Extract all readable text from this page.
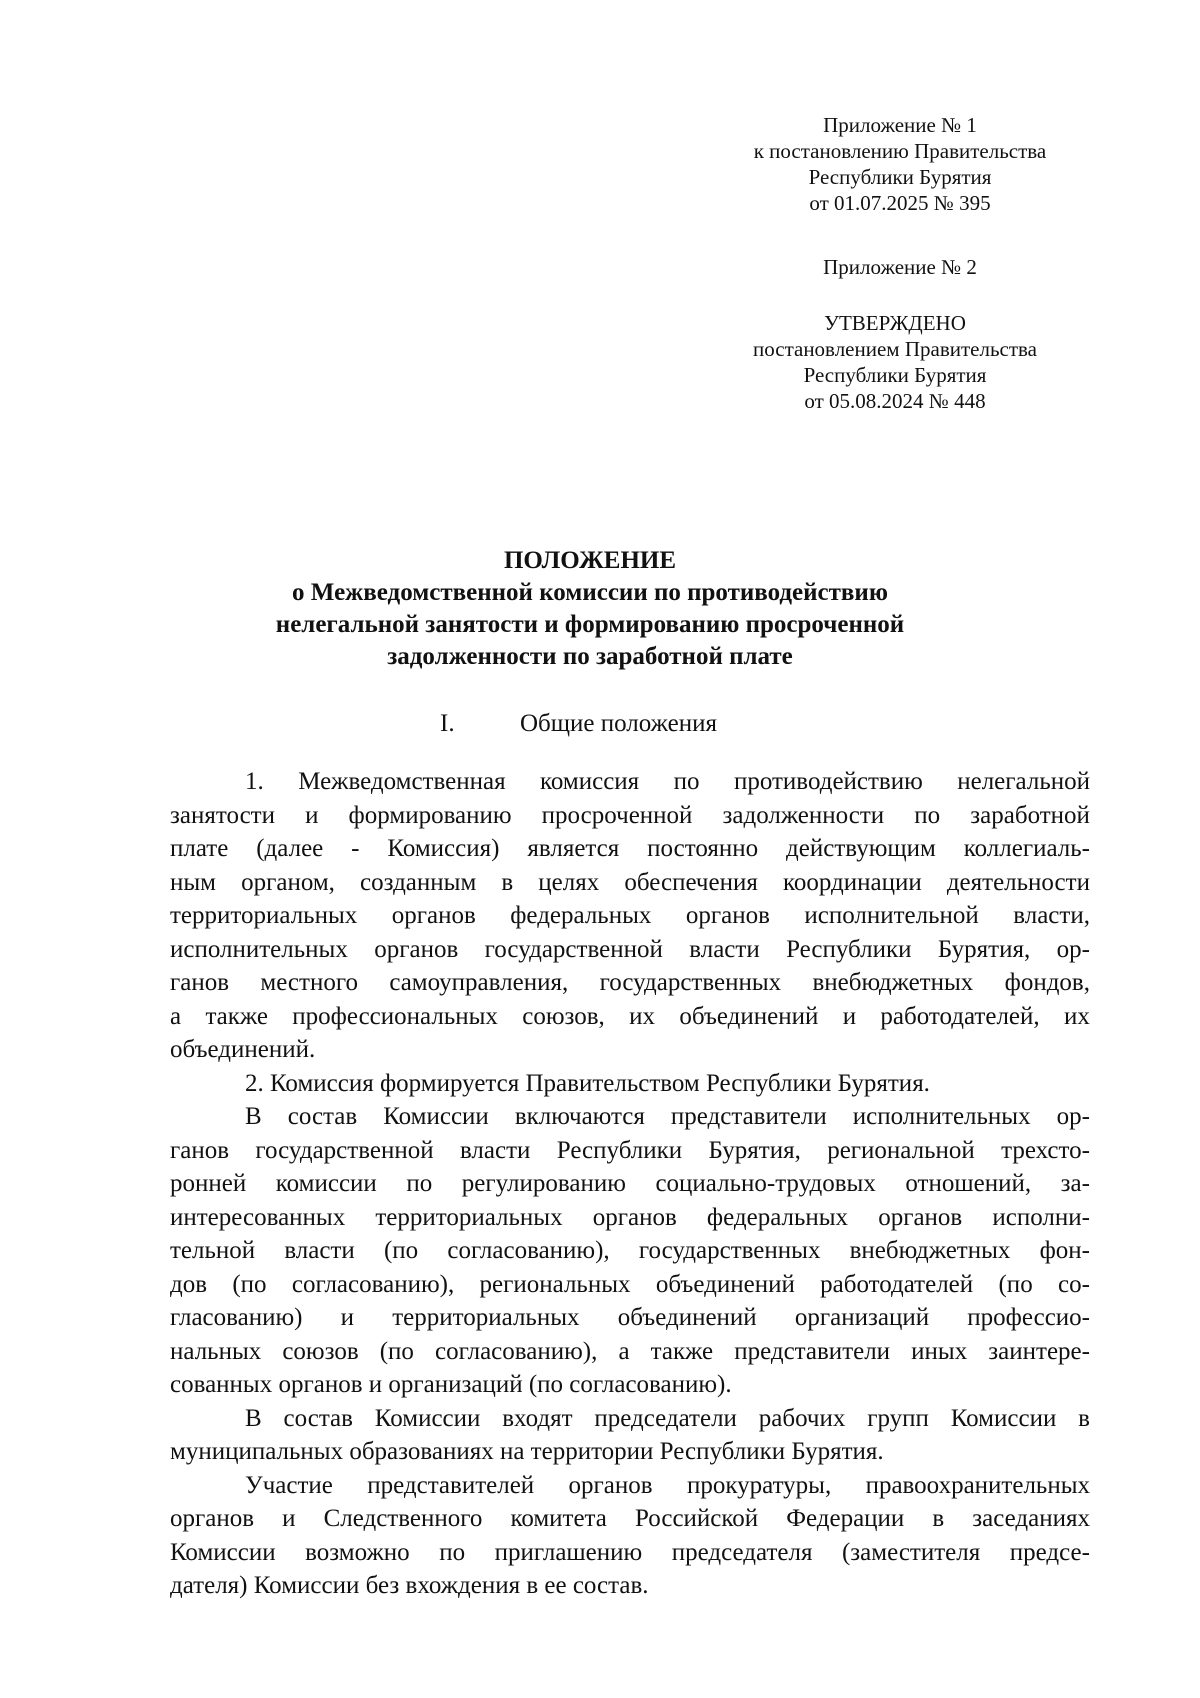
Приложение № 1
к постановлению Правительства
Республики Бурятия
от 01.07.2025 № 395
Приложение № 2
УТВЕРЖДЕНО
постановлением Правительства
Республики Бурятия
от 05.08.2024 № 448
ПОЛОЖЕНИЕ
о Межведомственной комиссии по противодействию
нелегальной занятости и формированию просроченной
задолженности по заработной плате
I.	Общие положения
1. Межведомственная комиссия по противодействию нелегальной
занятости и формированию просроченной задолженности по заработной
плате (далее - Комиссия) является постоянно действующим коллегиаль-
ным органом, созданным в целях обеспечения координации деятельности
территориальных органов федеральных органов исполнительной власти,
исполнительных органов государственной власти Республики Бурятия, ор-
ганов местного самоуправления, государственных внебюджетных фондов,
а также профессиональных союзов, их объединений и работодателей, их
объединений.
2. Комиссия формируется Правительством Республики Бурятия.
В состав Комиссии включаются представители исполнительных ор-
ганов государственной власти Республики Бурятия, региональной трехсто-
ронней комиссии по регулированию социально-трудовых отношений, за-
интересованных территориальных органов федеральных органов исполни-
тельной власти (по согласованию), государственных внебюджетных фон-
дов (по согласованию), региональных объединений работодателей (по со-
гласованию) и территориальных объединений организаций профессио-
нальных союзов (по согласованию), а также представители иных заинтере-
сованных органов и организаций (по согласованию).
В состав Комиссии входят председатели рабочих групп Комиссии в
муниципальных образованиях на территории Республики Бурятия.
Участие представителей органов прокуратуры, правоохранительных
органов и Следственного комитета Российской Федерации в заседаниях
Комиссии возможно по приглашению председателя (заместителя предсе-
дателя) Комиссии без вхождения в ее состав.
